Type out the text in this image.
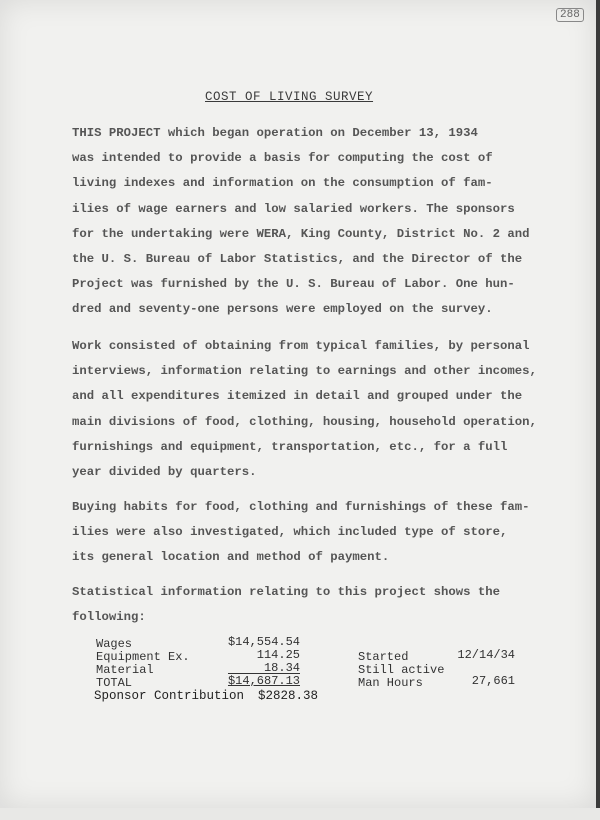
288
COST OF LIVING SURVEY
THIS PROJECT which began operation on December 13, 1934
was intended to provide a basis for computing the cost of
living indexes and information on the consumption of fam-
ilies of wage earners and low salaried workers. The sponsors
for the undertaking were WERA, King County, District No. 2 and
the U. S. Bureau of Labor Statistics, and the Director of the
Project was furnished by the U. S. Bureau of Labor. One hun-
dred and seventy-one persons were employed on the survey.
Work consisted of obtaining from typical families, by personal
interviews, information relating to earnings and other incomes,
and all expenditures itemized in detail and grouped under the
main divisions of food, clothing, housing, household operation,
furnishings and equipment, transportation, etc., for a full
year divided by quarters.
Buying habits for food, clothing and furnishings of these fam-
ilies were also investigated, which included type of store,
its general location and method of payment.
Statistical information relating to this project shows the
following:
Wages	$14,554.54
Equipment Ex.	114.25
Material	18.34
TOTAL	$14,687.13
Started	12/14/34
Still active
Man Hours	27,661
Sponsor Contribution $2828.38
